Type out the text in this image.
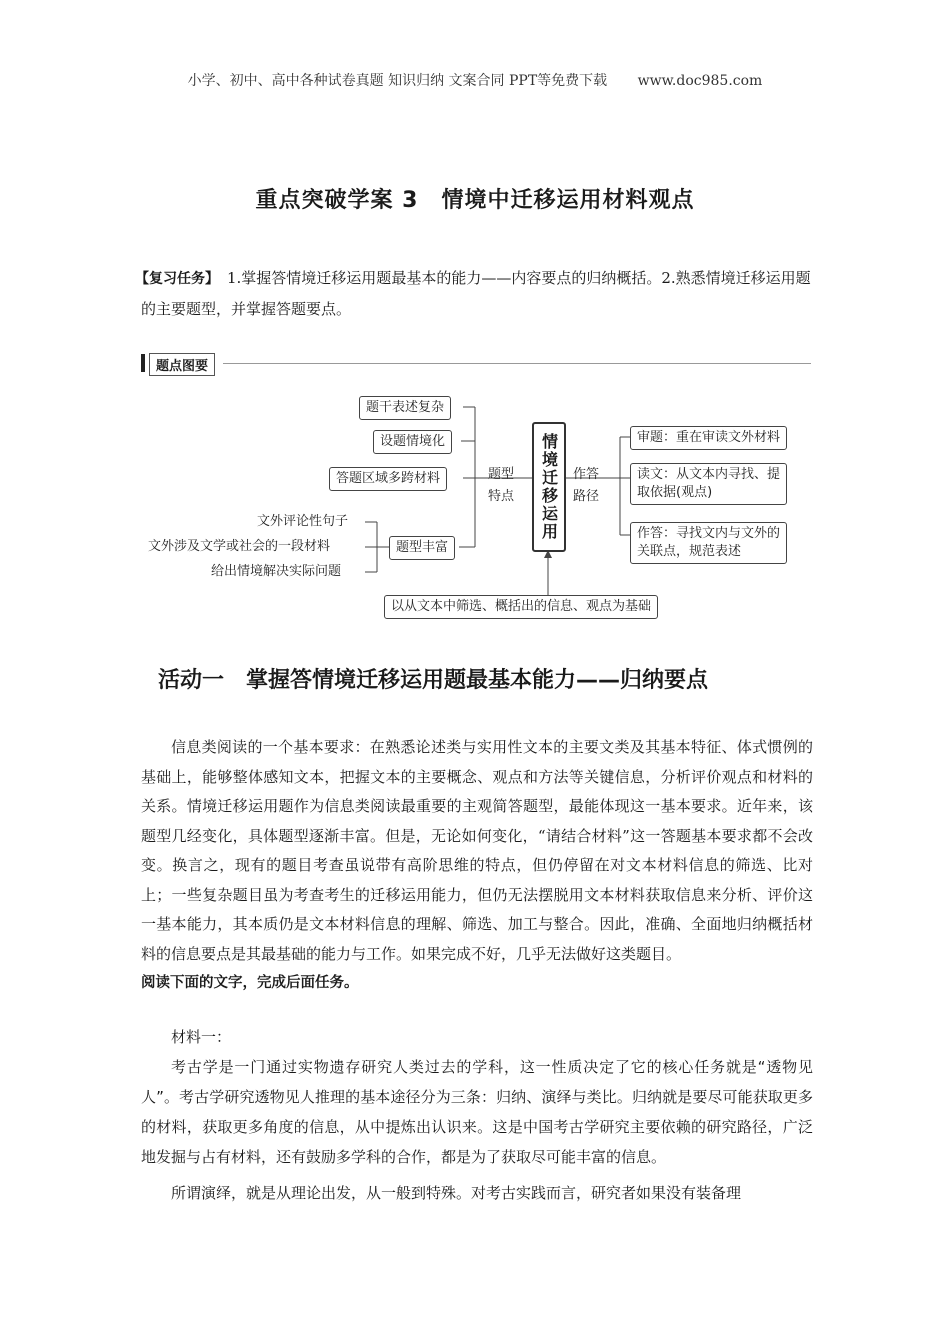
小学、初中、高中各种试卷真题 知识归纳 文案合同 PPT等免费下载 www.doc985.com
重点突破学案 3　情境中迁移运用材料观点
【复习任务】 1.掌握答情境迁移运用题最基本的能力——内容要点的归纳概括。2.熟悉情境迁移运用题的主要题型，并掌握答题要点。
题点图要
题干表述复杂
设题情境化
答题区域多跨材料
题型丰富
文外评论性句子
文外涉及文学或社会的一段材料
给出情境解决实际问题
题型
特点	情境迁移运用	作答
路径
审题：重在审读文外材料
读文：从文本内寻找、提
取依据(观点)
作答：寻找文内与文外的
关联点，规范表述
以从文本中筛选、概括出的信息、观点为基础
活动一　掌握答情境迁移运用题最基本能力——归纳要点

信息类阅读的一个基本要求：在熟悉论述类与实用性文本的主要文类及其基本特征、体式惯例的基础上，能够整体感知文本，把握文本的主要概念、观点和方法等关键信息，分析评价观点和材料的关系。情境迁移运用题作为信息类阅读最重要的主观简答题型，最能体现这一基本要求。近年来，该题型几经变化，具体题型逐渐丰富。但是，无论如何变化，“请结合材料”这一答题基本要求都不会改变。换言之，现有的题目考查虽说带有高阶思维的特点，但仍停留在对文本材料信息的筛选、比对上；一些复杂题目虽为考查考生的迁移运用能力，但仍无法摆脱用文本材料获取信息来分析、评价这一基本能力，其本质仍是文本材料信息的理解、筛选、加工与整合。因此，准确、全面地归纳概括材料的信息要点是其最基础的能力与工作。如果完成不好，几乎无法做好这类题目。

阅读下面的文字，完成后面任务。

材料一：

考古学是一门通过实物遗存研究人类过去的学科，这一性质决定了它的核心任务就是“透物见人”。考古学研究透物见人推理的基本途径分为三条：归纳、演绎与类比。归纳就是要尽可能获取更多的材料，获取更多角度的信息，从中提炼出认识来。这是中国考古学研究主要依赖的研究路径，广泛地发掘与占有材料，还有鼓励多学科的合作，都是为了获取尽可能丰富的信息。

所谓演绎，就是从理论出发，从一般到特殊。对考古实践而言，研究者如果没有装备理
